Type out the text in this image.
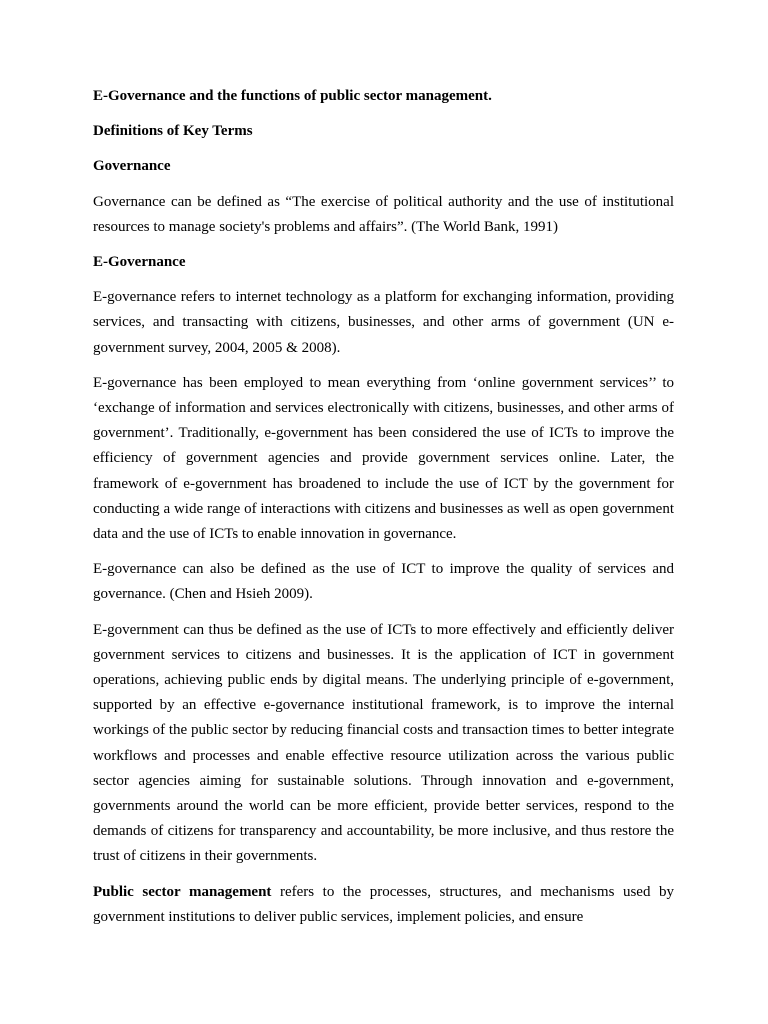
E-Governance and the functions of public sector management.

Definitions of Key Terms

Governance

Governance can be defined as “The exercise of political authority and the use of institutional resources to manage society's problems and affairs”. (The World Bank, 1991)

E-Governance

E-governance refers to internet technology as a platform for exchanging information, providing services, and transacting with citizens, businesses, and other arms of government (UN e-government survey, 2004, 2005 & 2008).

E-governance has been employed to mean everything from ‘online government services’’ to ‘exchange of information and services electronically with citizens, businesses, and other arms of government’. Traditionally, e-government has been considered the use of ICTs to improve the efficiency of government agencies and provide government services online. Later, the framework of e-government has broadened to include the use of ICT by the government for conducting a wide range of interactions with citizens and businesses as well as open government data and the use of ICTs to enable innovation in governance.

E-governance can also be defined as the use of ICT to improve the quality of services and governance. (Chen and Hsieh 2009).

E-government can thus be defined as the use of ICTs to more effectively and efficiently deliver government services to citizens and businesses. It is the application of ICT in government operations, achieving public ends by digital means. The underlying principle of e-government, supported by an effective e-governance institutional framework, is to improve the internal workings of the public sector by reducing financial costs and transaction times to better integrate workflows and processes and enable effective resource utilization across the various public sector agencies aiming for sustainable solutions. Through innovation and e-government, governments around the world can be more efficient, provide better services, respond to the demands of citizens for transparency and accountability, be more inclusive, and thus restore the trust of citizens in their governments.

Public sector management refers to the processes, structures, and mechanisms used by government institutions to deliver public services, implement policies, and ensure
